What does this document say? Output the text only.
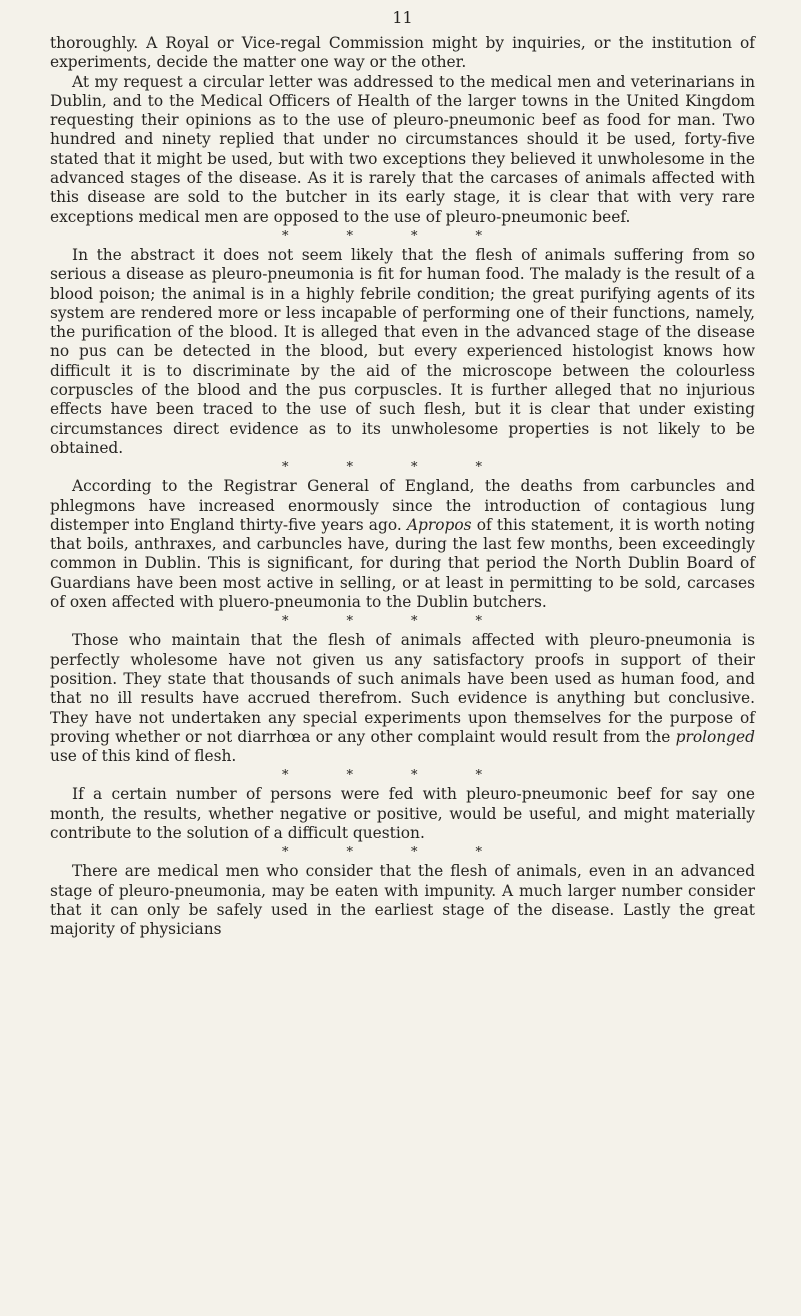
11

thoroughly. A Royal or Vice-regal Commission might by inquiries, or the institution of experiments, decide the matter one way or the other.

At my request a circular letter was addressed to the medical men and veterinarians in Dublin, and to the Medical Officers of Health of the larger towns in the United Kingdom requesting their opinions as to the use of pleuro-pneumonic beef as food for man. Two hundred and ninety replied that under no circumstances should it be used, forty-five stated that it might be used, but with two exceptions they believed it unwholesome in the advanced stages of the disease. As it is rarely that the carcases of animals affected with this disease are sold to the butcher in its early stage, it is clear that with very rare exceptions medical men are opposed to the use of pleuro-pneumonic beef.

*	*	*	*

In the abstract it does not seem likely that the flesh of animals suffering from so serious a disease as pleuro-pneumonia is fit for human food. The malady is the result of a blood poison; the animal is in a highly febrile condition; the great purifying agents of its system are rendered more or less incapable of performing one of their functions, namely, the purification of the blood. It is alleged that even in the advanced stage of the disease no pus can be detected in the blood, but every experienced histologist knows how difficult it is to discriminate by the aid of the microscope between the colourless corpuscles of the blood and the pus corpuscles. It is further alleged that no injurious effects have been traced to the use of such flesh, but it is clear that under existing circumstances direct evidence as to its unwholesome properties is not likely to be obtained.

*	*	*	*

According to the Registrar General of England, the deaths from carbuncles and phlegmons have increased enormously since the introduction of contagious lung distemper into England thirty-five years ago. Apropos of this statement, it is worth noting that boils, anthraxes, and carbuncles have, during the last few months, been exceedingly common in Dublin. This is significant, for during that period the North Dublin Board of Guardians have been most active in selling, or at least in permitting to be sold, carcases of oxen affected with pluero-pneumonia to the Dublin butchers.

*	*	*	*

Those who maintain that the flesh of animals affected with pleuro-pneumonia is perfectly wholesome have not given us any satisfactory proofs in support of their position. They state that thousands of such animals have been used as human food, and that no ill results have accrued therefrom. Such evidence is anything but conclusive. They have not undertaken any special experiments upon themselves for the purpose of proving whether or not diarrhœa or any other complaint would result from the prolonged use of this kind of flesh.

*	*	*	*

If a certain number of persons were fed with pleuro-pneumonic beef for say one month, the results, whether negative or positive, would be useful, and might materially contribute to the solution of a difficult question.

*	*	*	*

There are medical men who consider that the flesh of animals, even in an advanced stage of pleuro-pneumonia, may be eaten with impunity. A much larger number consider that it can only be safely used in the earliest stage of the disease. Lastly the great majority of physicians
